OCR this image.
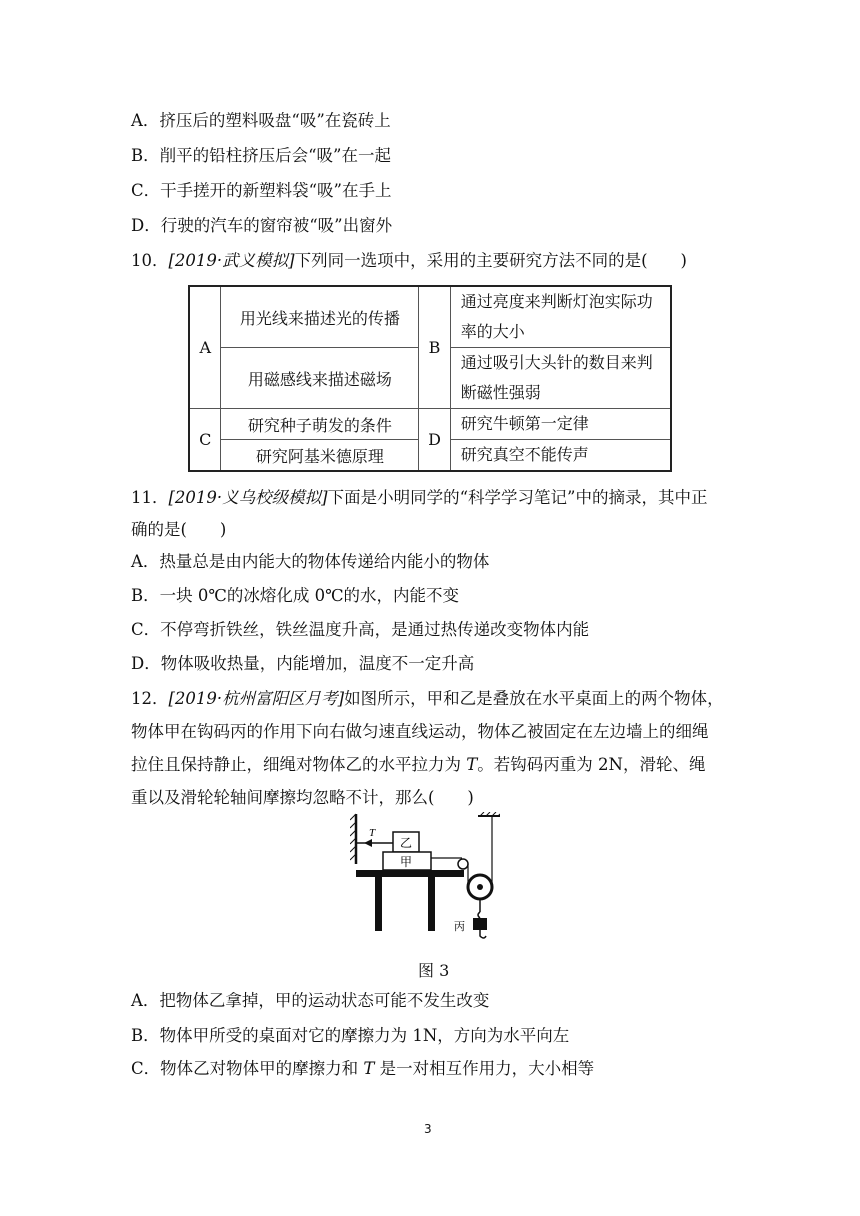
A．挤压后的塑料吸盘“吸”在瓷砖上
B．削平的铅柱挤压后会“吸”在一起
C．干手搓开的新塑料袋“吸”在手上
D．行驶的汽车的窗帘被“吸”出窗外
10．[2019·武义模拟]下列同一选项中，采用的主要研究方法不同的是(　　)
A	用光线来描述光的传播	B	通过亮度来判断灯泡实际功率的大小
	用磁感线来描述磁场		通过吸引大头针的数目来判断磁性强弱
C	研究种子萌发的条件	D	研究牛顿第一定律
	研究阿基米德原理		研究真空不能传声
11．[2019·义乌校级模拟]下面是小明同学的“科学学习笔记”中的摘录，其中正
确的是(　　)
A．热量总是由内能大的物体传递给内能小的物体
B．一块 0℃的冰熔化成 0℃的水，内能不变
C．不停弯折铁丝，铁丝温度升高，是通过热传递改变物体内能
D．物体吸收热量，内能增加，温度不一定升高
12．[2019·杭州富阳区月考]如图所示，甲和乙是叠放在水平桌面上的两个物体，
物体甲在钩码丙的作用下向右做匀速直线运动，物体乙被固定在左边墙上的细绳
拉住且保持静止，细绳对物体乙的水平拉力为 T。若钩码丙重为 2N，滑轮、绳
重以及滑轮轮轴间摩擦均忽略不计，那么(　　)
T
乙
甲
丙
图 3
A．把物体乙拿掉，甲的运动状态可能不发生改变
B．物体甲所受的桌面对它的摩擦力为 1N，方向为水平向左
C．物体乙对物体甲的摩擦力和 T 是一对相互作用力，大小相等
3
